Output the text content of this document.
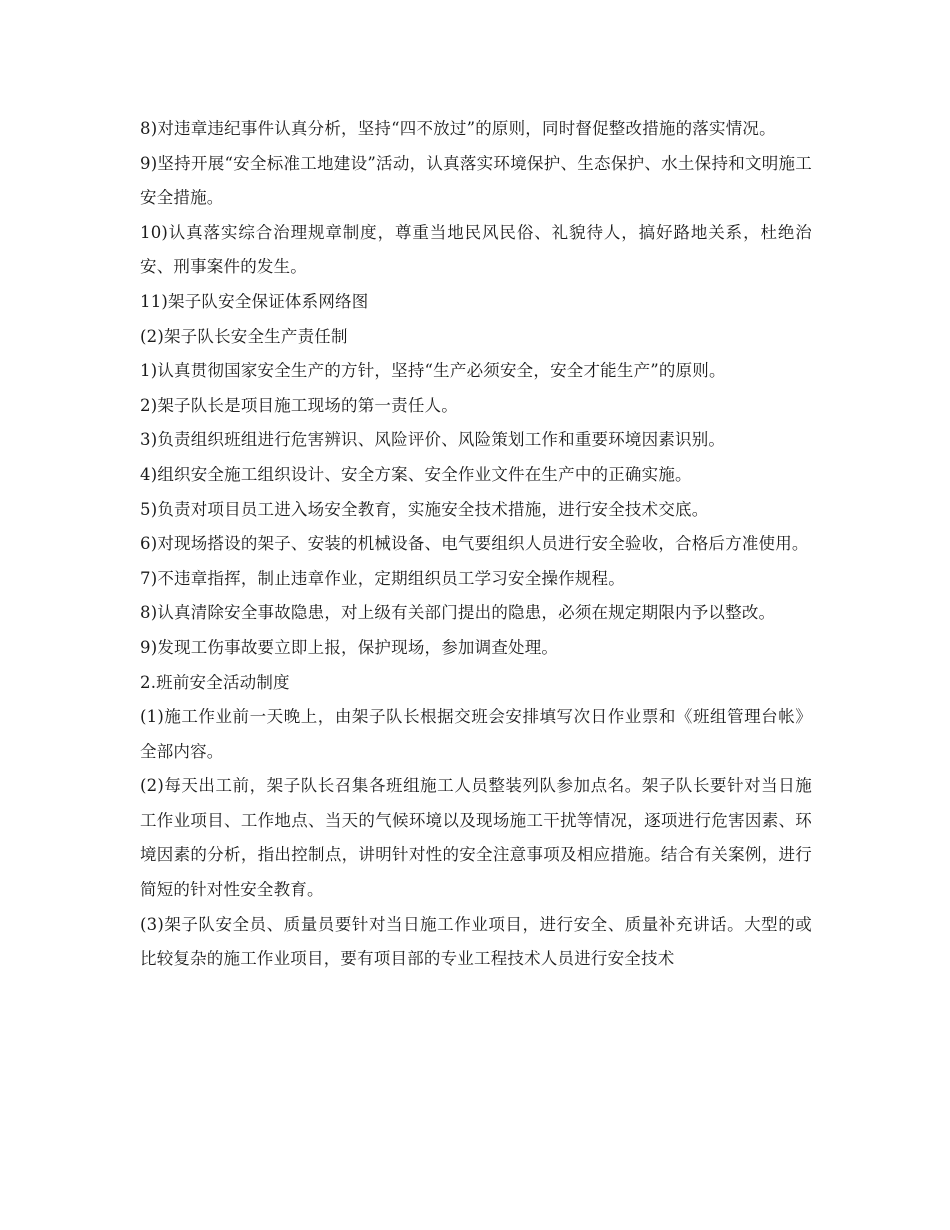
8)对违章违纪事件认真分析，坚持“四不放过”的原则，同时督促整改措施的落实情况。

9)坚持开展“安全标准工地建设”活动，认真落实环境保护、生态保护、水土保持和文明施工安全措施。

10)认真落实综合治理规章制度，尊重当地民风民俗、礼貌待人，搞好路地关系，杜绝治安、刑事案件的发生。

11)架子队安全保证体系网络图

(2)架子队长安全生产责任制

1)认真贯彻国家安全生产的方针，坚持“生产必须安全，安全才能生产”的原则。

2)架子队长是项目施工现场的第一责任人。

3)负责组织班组进行危害辨识、风险评价、风险策划工作和重要环境因素识别。

4)组织安全施工组织设计、安全方案、安全作业文件在生产中的正确实施。

5)负责对项目员工进入场安全教育，实施安全技术措施，进行安全技术交底。

6)对现场搭设的架子、安装的机械设备、电气要组织人员进行安全验收，合格后方准使用。

7)不违章指挥，制止违章作业，定期组织员工学习安全操作规程。

8)认真清除安全事故隐患，对上级有关部门提出的隐患，必须在规定期限内予以整改。

9)发现工伤事故要立即上报，保护现场，参加调查处理。

2.班前安全活动制度

(1)施工作业前一天晚上，由架子队长根据交班会安排填写次日作业票和《班组管理台帐》全部内容。

(2)每天出工前，架子队长召集各班组施工人员整装列队参加点名。架子队长要针对当日施工作业项目、工作地点、当天的气候环境以及现场施工干扰等情况，逐项进行危害因素、环境因素的分析，指出控制点，讲明针对性的安全注意事项及相应措施。结合有关案例，进行简短的针对性安全教育。

(3)架子队安全员、质量员要针对当日施工作业项目，进行安全、质量补充讲话。大型的或比较复杂的施工作业项目，要有项目部的专业工程技术人员进行安全技术
